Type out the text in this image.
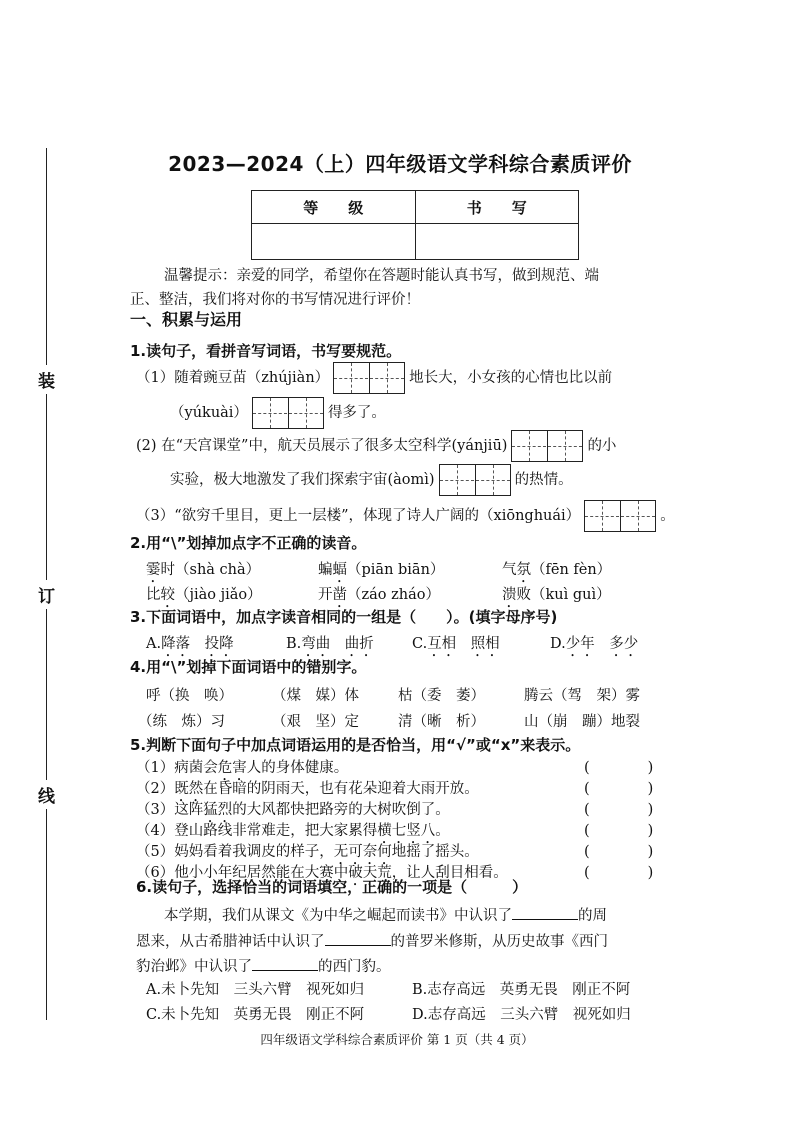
装
订
线
2023—2024（上）四年级语文学科综合素质评价
等　　级	书　　写

温馨提示：亲爱的同学，希望你在答题时能认真书写，做到规范、端
正、整洁，我们将对你的书写情况进行评价！
一、积累与运用
1.读句子，看拼音写词语，书写要规范。
（1）随着豌豆苗（zhújiàn）	地长大，小女孩的心情也比以前
（yúkuài）	得多了。
(2) 在“天宫课堂”中，航天员展示了很多太空科学(yánjiū)	的小
实验，极大地激发了我们探索宇宙(àomì)	的热情。
（3）“欲穷千里目，更上一层楼”，体现了诗人广阔的（xiōnghuái）	。
2.用“\”划掉加点字不正确的读音。
霎时（shà chà）	蝙蝠（piān biān）	气氛（fēn fèn）
比较（jiào jiǎo）	开凿（záo zháo）	溃败（kuì guì）
3.下面词语中，加点字读音相同的一组是（　　）。(填字母序号)
A.降落　 投降	B.弯曲　 曲折	C.互相　 照相	D.少年　 多少
4.用“\”划掉下面词语中的错别字。
呼（换　唤）	（煤　媒）体	枯（委　萎）	腾云（驾　架）雾
（练　炼）习	（艰　坚）定	清（晰　析）	山（崩　蹦）地裂
5.判断下面句子中加点词语运用的是否恰当，用“√”或“x”来表示。
（1）病菌会危害人的身体健康。	(　　　　)
（2）既然在昏暗的阴雨天，也有花朵迎着大雨开放。	(　　　　)
（3）这阵猛烈的大风都快把路旁的大树吹倒了。	(　　　　)
（4）登山路线非常难走，把大家累得横七竖八。	(　　　　)
（5）妈妈看着我调皮的样子，无可奈何地摇了摇头。	(　　　　)
（6）他小小年纪居然能在大赛中破天荒，让人刮目相看。	(　　　　)
6.读句子，选择恰当的词语填空，正确的一项是（　　　）
本学期，我们从课文《为中华之崛起而读书》中认识了	的周
恩来，从古希腊神话中认识了	的普罗米修斯，从历史故事《西门
豹治邺》中认识了	的西门豹。
A.未卜先知　三头六臂　视死如归	B.志存高远　英勇无畏　刚正不阿
C.未卜先知　英勇无畏　刚正不阿	D.志存高远　三头六臂　视死如归
四年级语文学科综合素质评价 第 1 页（共 4 页）
